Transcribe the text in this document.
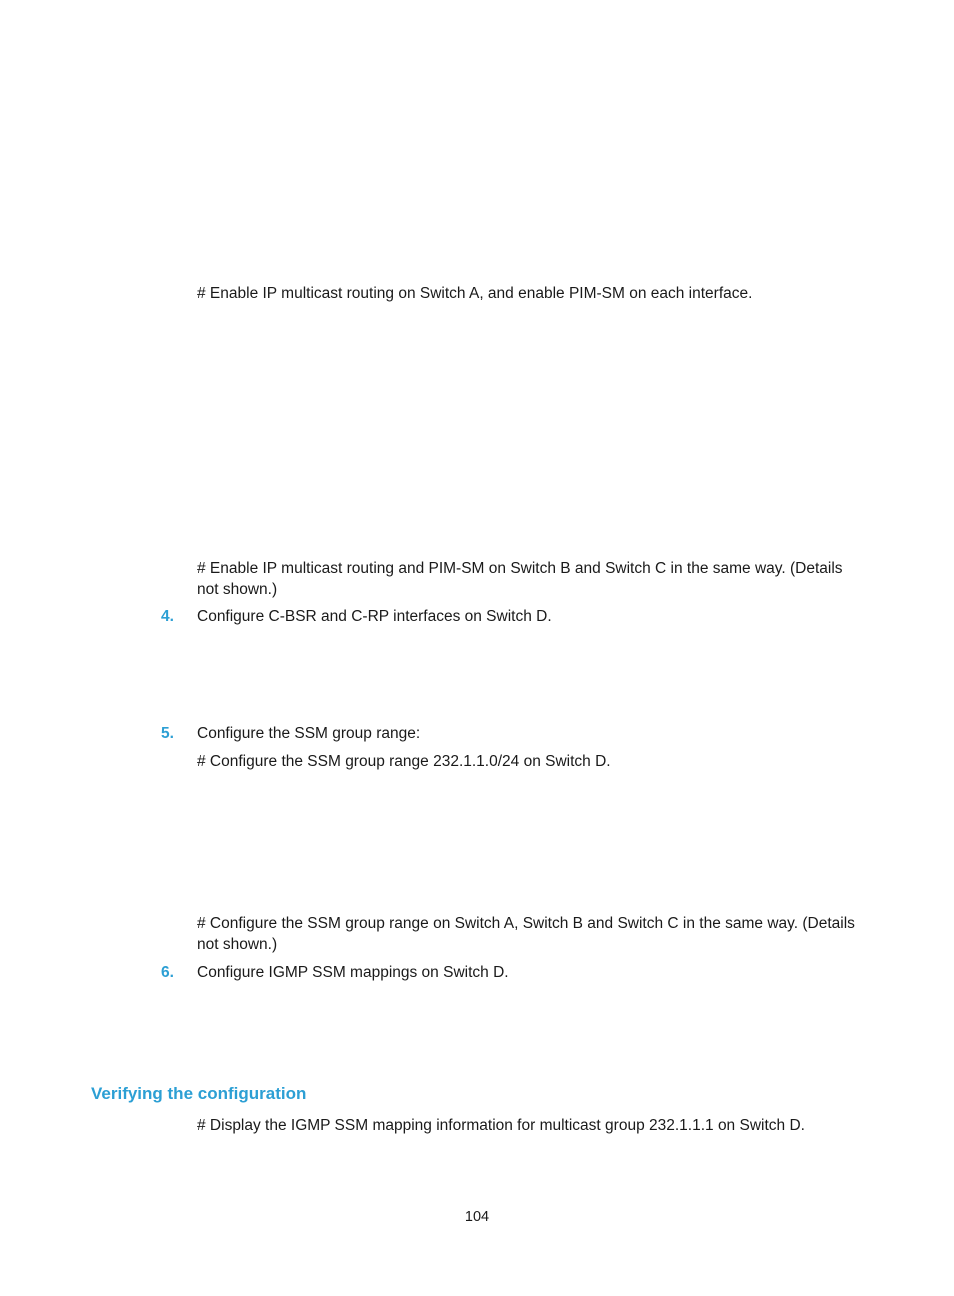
# Enable IP multicast routing on Switch A, and enable PIM-SM on each interface.

# Enable IP multicast routing and PIM-SM on Switch B and Switch C in the same way. (Details not shown.)

4. Configure C-BSR and C-RP interfaces on Switch D.
5. Configure the SSM group range:

# Configure the SSM group range 232.1.1.0/24 on Switch D.

# Configure the SSM group range on Switch A, Switch B and Switch C in the same way. (Details not shown.)

6. Configure IGMP SSM mappings on Switch D.
Verifying the configuration

# Display the IGMP SSM mapping information for multicast group 232.1.1.1 on Switch D.

104
